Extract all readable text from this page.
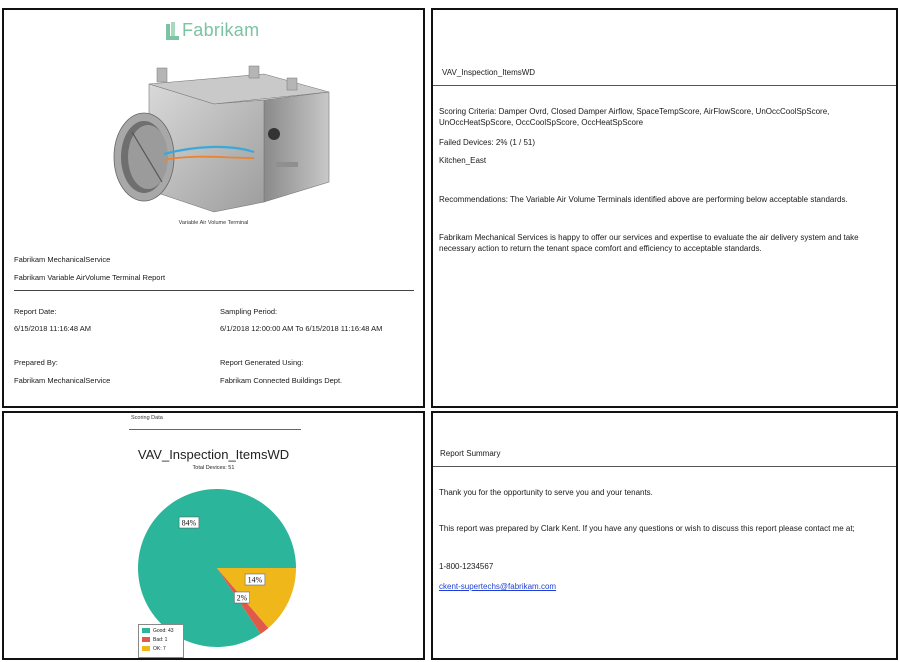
Fabrikam
Variable Air Volume Terminal
Fabrikam MechanicalService
Fabrikam Variable AirVolume Terminal Report
Report Date:
6/15/2018 11:16:48 AM
Sampling Period:
6/1/2018 12:00:00 AM To 6/15/2018 11:16:48 AM
Prepared By:
Fabrikam MechanicalService
Report Generated Using:
Fabrikam Connected Buildings Dept.
VAV_Inspection_ItemsWD
Scoring Criteria: Damper Ovrd, Closed Damper Airflow, SpaceTempScore, AirFlowScore, UnOccCoolSpScore, UnOccHeatSpScore, OccCoolSpScore, OccHeatSpScore
Failed Devices: 2% (1 / 51)
Kitchen_East
Recommendations: The Variable Air Volume Terminals identified above are performing below acceptable standards.
Fabrikam Mechanical Services is happy to offer our services and expertise to evaluate the air delivery system and take necessary action to return the tenant space comfort and efficiency to acceptable standards.
Scoring Data
VAV_Inspection_ItemsWD
Total Devices: 51
84%
2%
14%
Good: 43
Bad: 1
OK: 7
Report Summary
Thank you for the opportunity to serve you and your tenants.
This report was prepared by Clark Kent. If you have any questions or wish to discuss this report please contact me at;
1-800-1234567
ckent-supertechs@fabrikam.com
